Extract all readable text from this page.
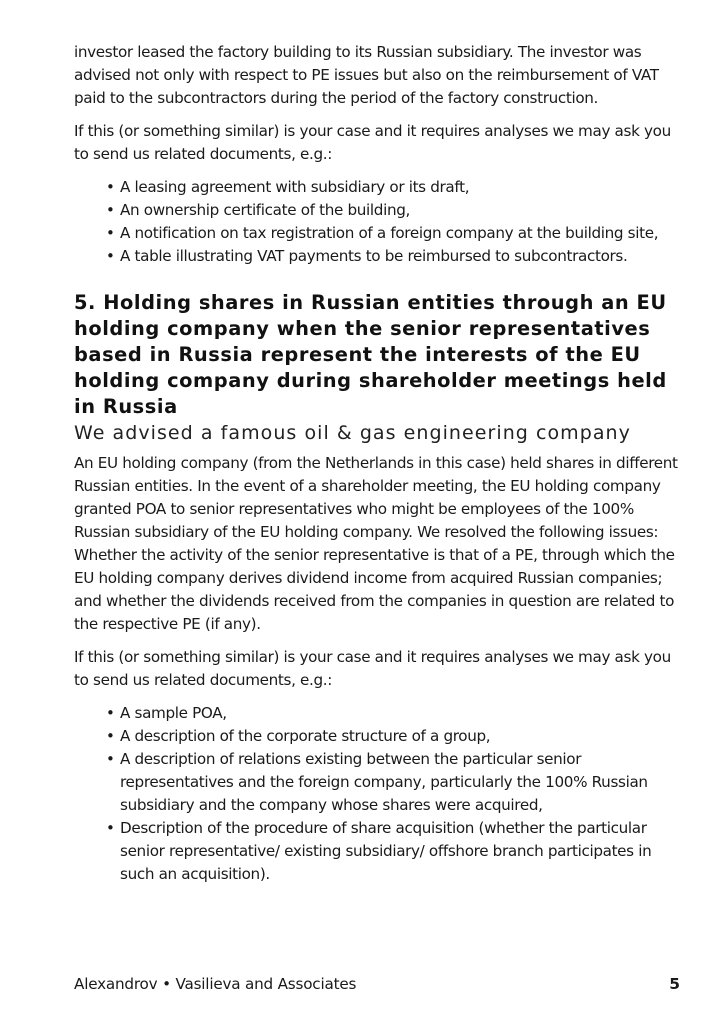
investor leased the factory building to its Russian subsidiary. The investor was advised not only with respect to PE issues but also on the reimbursement of VAT paid to the subcontractors during the period of the factory construction.

If this (or something similar) is your case and it requires analyses we may ask you to send us related documents, e.g.:

• A leasing agreement with subsidiary or its draft,
• An ownership certificate of the building,
• A notification on tax registration of a foreign company at the building site,
• A table illustrating VAT payments to be reimbursed to subcontractors.
5. Holding shares in Russian entities through an EU holding company when the senior representatives based in Russia represent the interests of the EU holding company during shareholder meetings held in Russia
We advised a famous oil & gas engineering company

An EU holding company (from the Netherlands in this case) held shares in different Russian entities. In the event of a shareholder meeting, the EU holding company granted POA to senior representatives who might be employees of the 100% Russian subsidiary of the EU holding company. We resolved the following issues: Whether the activity of the senior representative is that of a PE, through which the EU holding company derives dividend income from acquired Russian companies; and whether the dividends received from the companies in question are related to the respective PE (if any).

If this (or something similar) is your case and it requires analyses we may ask you to send us related documents, e.g.:

• A sample POA,
• A description of the corporate structure of a group,
• A description of relations existing between the particular senior representatives and the foreign company, particularly the 100% Russian subsidiary and the company whose shares were acquired,
• Description of the procedure of share acquisition (whether the particular senior representative/ existing subsidiary/ offshore branch participates in such an acquisition).
Alexandrov • Vasilieva and Associates	5
